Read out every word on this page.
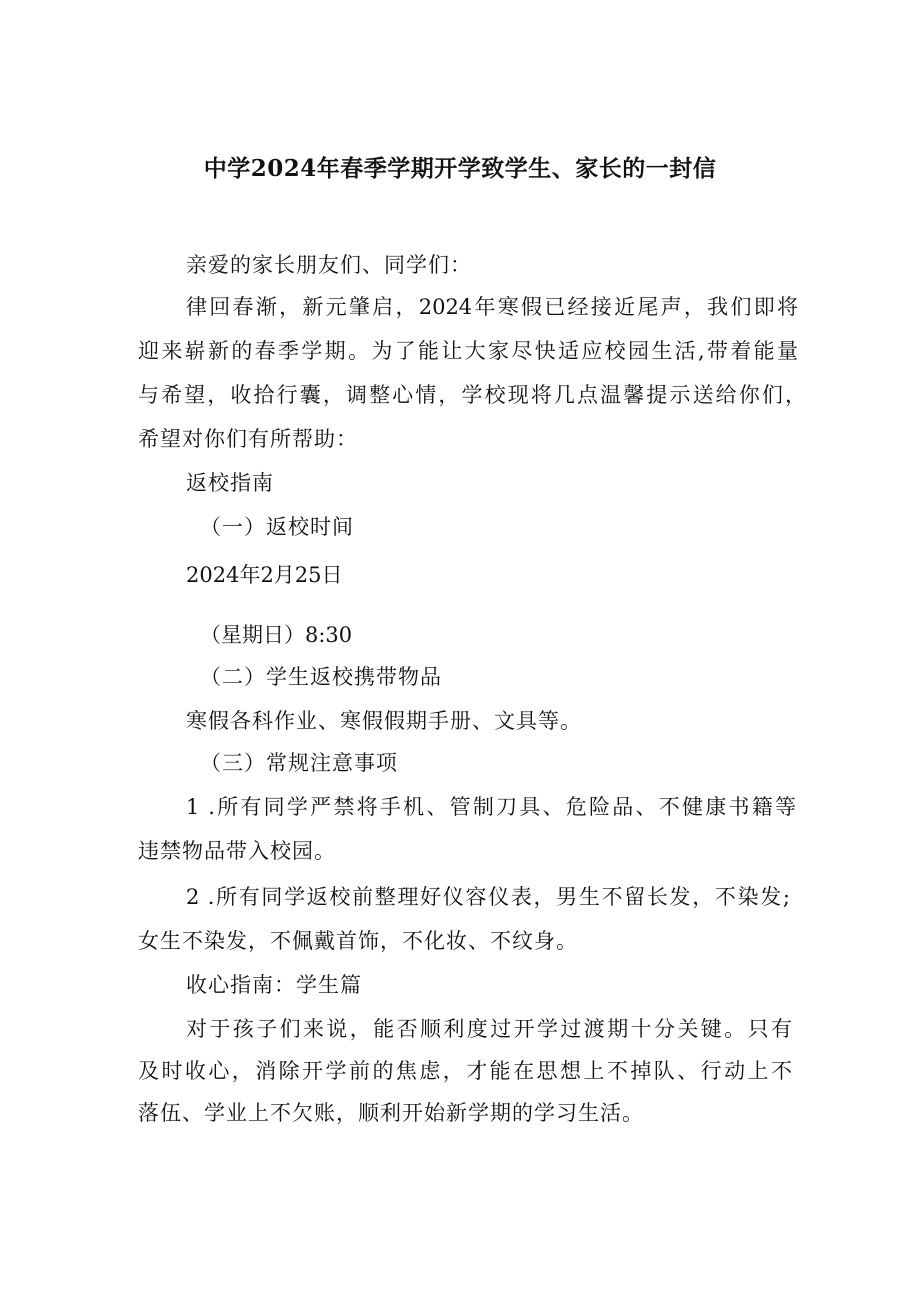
中学2024年春季学期开学致学生、家长的一封信
亲爱的家长朋友们、同学们：
律回春渐，新元肇启，2024年寒假已经接近尾声，我们即将
迎来崭新的春季学期。为了能让大家尽快适应校园生活,带着能量
与希望，收拾行囊，调整心情，学校现将几点温馨提示送给你们，
希望对你们有所帮助：
返校指南
（一）返校时间
2024年2月25日
（星期日）8:30
（二）学生返校携带物品
寒假各科作业、寒假假期手册、文具等。
（三）常规注意事项
1 .所有同学严禁将手机、管制刀具、危险品、不健康书籍等
违禁物品带入校园。
2 .所有同学返校前整理好仪容仪表，男生不留长发，不染发;
女生不染发，不佩戴首饰，不化妆、不纹身。
收心指南：学生篇
对于孩子们来说，能否顺利度过开学过渡期十分关键。只有
及时收心，消除开学前的焦虑，才能在思想上不掉队、行动上不
落伍、学业上不欠账，顺利开始新学期的学习生活。
